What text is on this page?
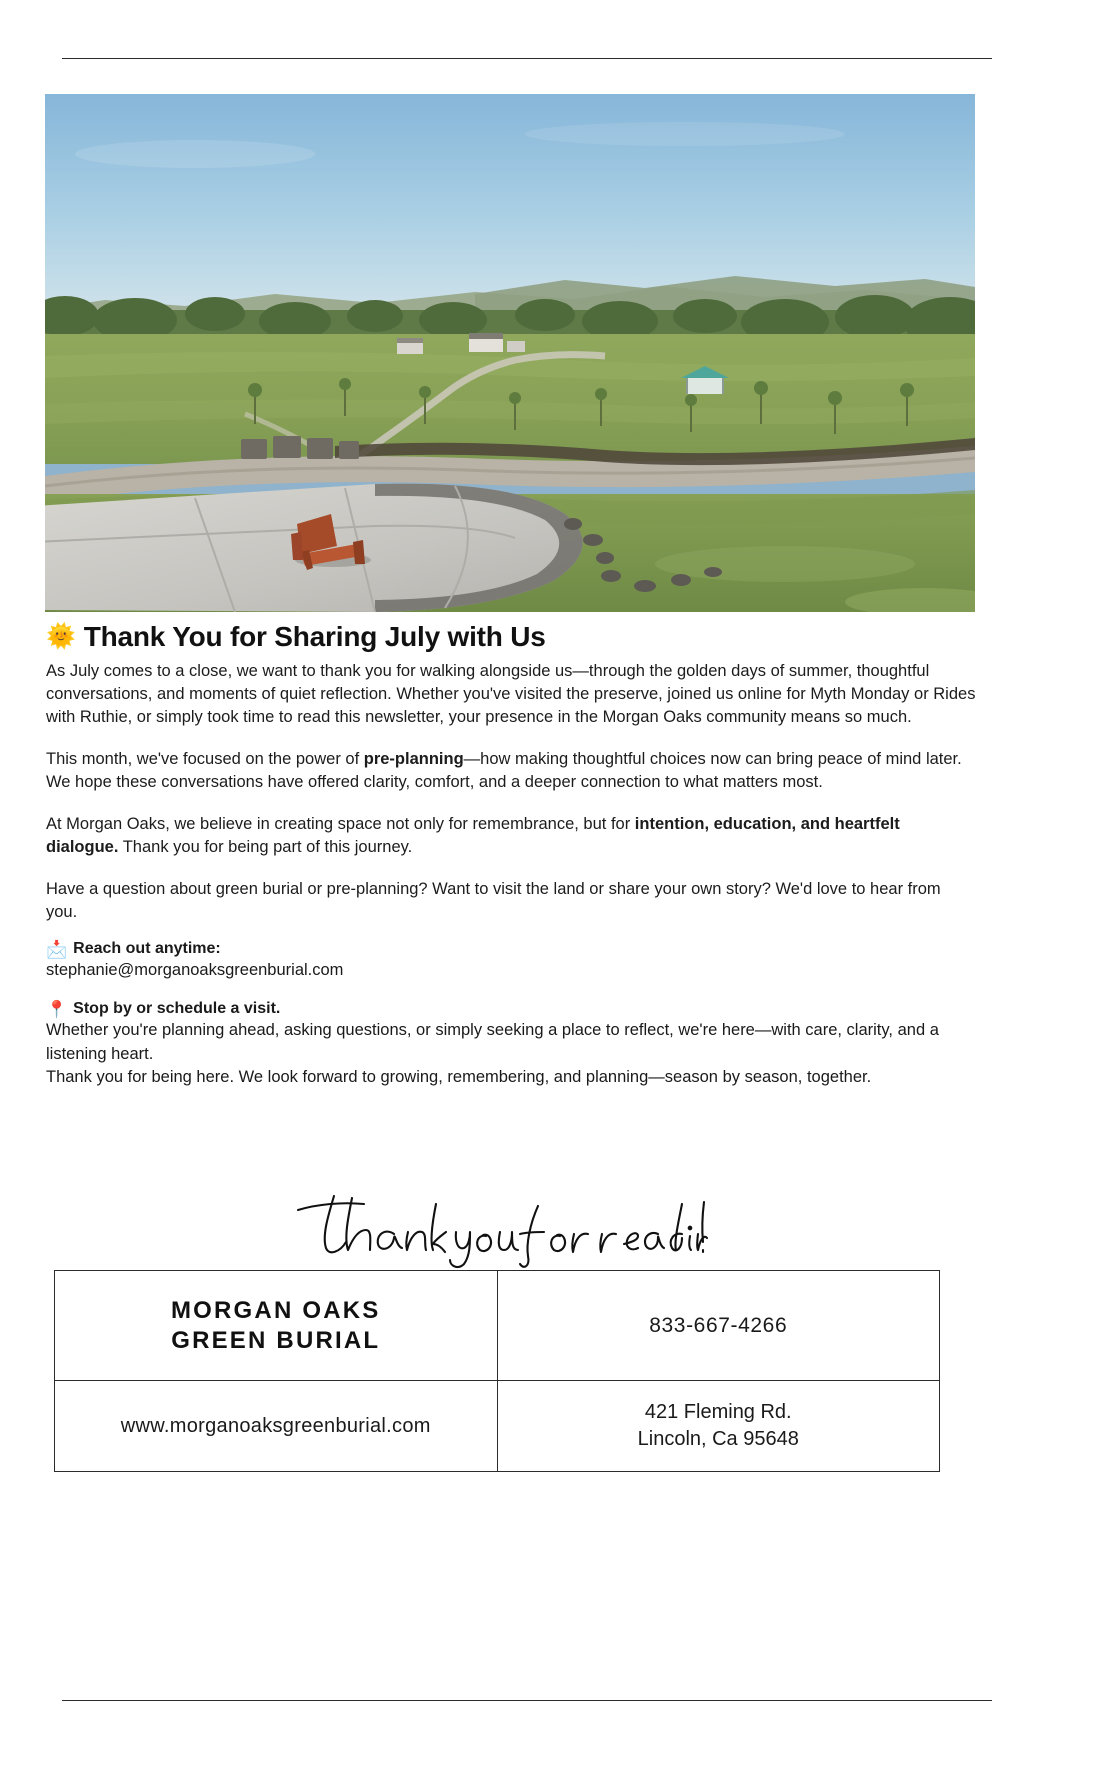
🌞 Thank You for Sharing July with Us

As July comes to a close, we want to thank you for walking alongside us—through the golden days of summer, thoughtful conversations, and moments of quiet reflection. Whether you've visited the preserve, joined us online for Myth Monday or Rides with Ruthie, or simply took time to read this newsletter, your presence in the Morgan Oaks community means so much.

This month, we've focused on the power of pre-planning—how making thoughtful choices now can bring peace of mind later. We hope these conversations have offered clarity, comfort, and a deeper connection to what matters most.

At Morgan Oaks, we believe in creating space not only for remembrance, but for intention, education, and heartfelt dialogue. Thank you for being part of this journey.

Have a question about green burial or pre-planning? Want to visit the land or share your own story? We'd love to hear from you.

📩 Reach out anytime:

stephanie@morganoaksgreenburial.com

📍 Stop by or schedule a visit.

Whether you're planning ahead, asking questions, or simply seeking a place to reflect, we're here—with care, clarity, and a listening heart.

Thank you for being here. We look forward to growing, remembering, and planning—season by season, together.

MORGAN OAKS
GREEN BURIAL	833-667-4266
www.morganoaksgreenburial.com	421 Fleming Rd.
Lincoln, Ca 95648
